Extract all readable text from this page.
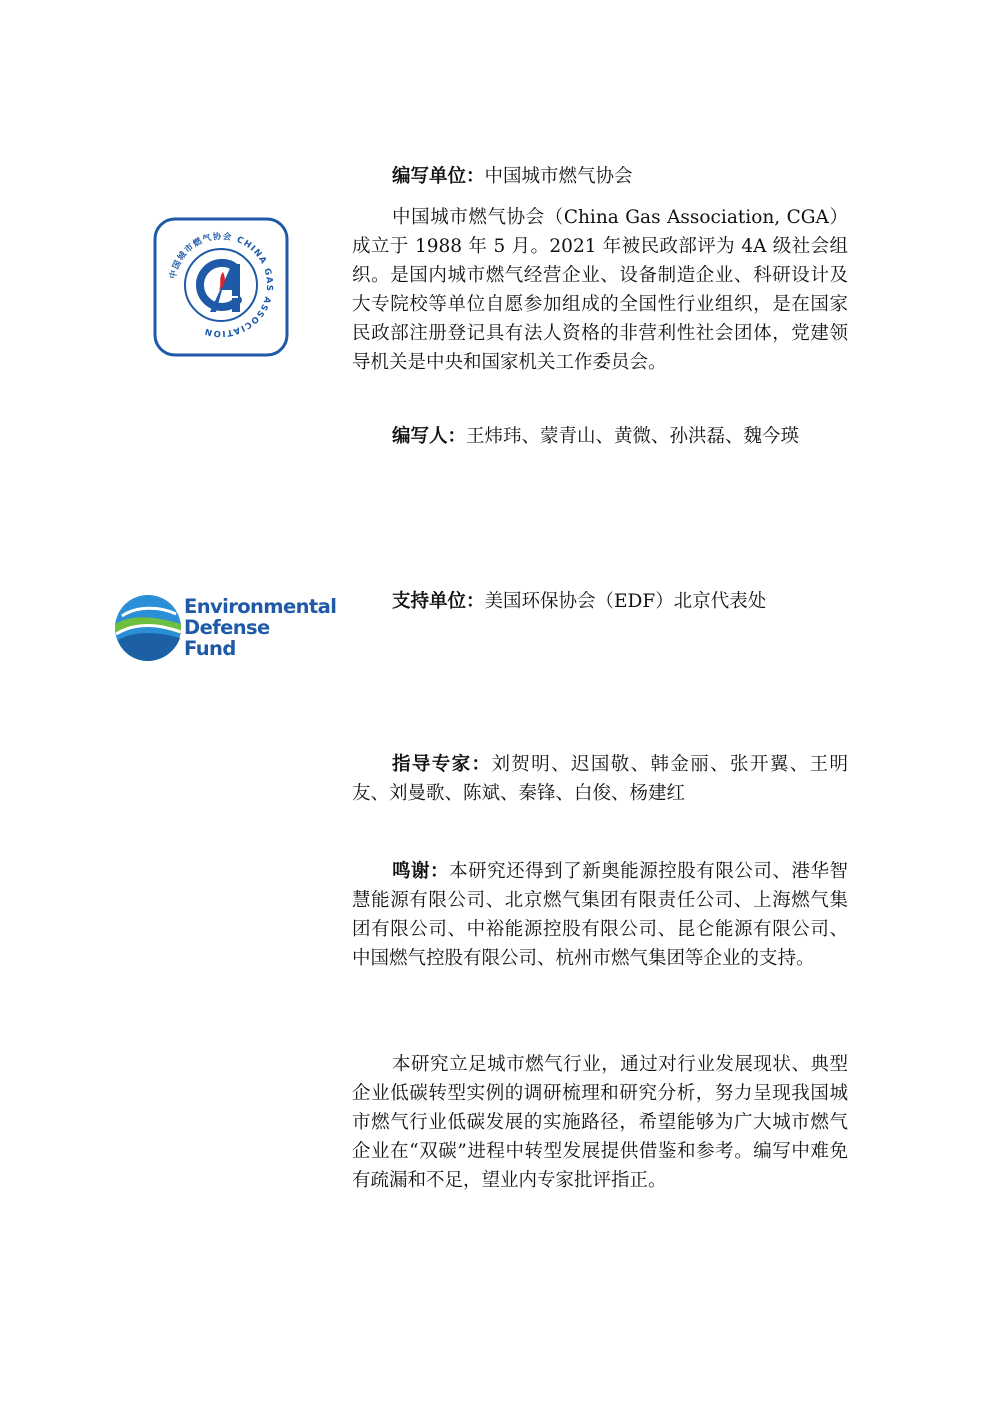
中国城市燃气协会 CHINA GAS ASSOCIATION
编写单位：中国城市燃气协会
中国城市燃气协会（China Gas Association, CGA）成立于 1988 年 5 月。2021 年被民政部评为 4A 级社会组织。是国内城市燃气经营企业、设备制造企业、科研设计及大专院校等单位自愿参加组成的全国性行业组织，是在国家民政部注册登记具有法人资格的非营利性社会团体，党建领导机关是中央和国家机关工作委员会。
编写人：王炜玮、蒙青山、黄微、孙洪磊、魏今瑛
Environmental
Defense
Fund
支持单位：美国环保协会（EDF）北京代表处
指导专家：刘贺明、迟国敬、韩金丽、张开翼、王明友、刘曼歌、陈斌、秦锋、白俊、杨建红
鸣谢：本研究还得到了新奥能源控股有限公司、港华智慧能源有限公司、北京燃气集团有限责任公司、上海燃气集团有限公司、中裕能源控股有限公司、昆仑能源有限公司、中国燃气控股有限公司、杭州市燃气集团等企业的支持。
本研究立足城市燃气行业，通过对行业发展现状、典型企业低碳转型实例的调研梳理和研究分析，努力呈现我国城市燃气行业低碳发展的实施路径，希望能够为广大城市燃气企业在“双碳”进程中转型发展提供借鉴和参考。编写中难免有疏漏和不足，望业内专家批评指正。
